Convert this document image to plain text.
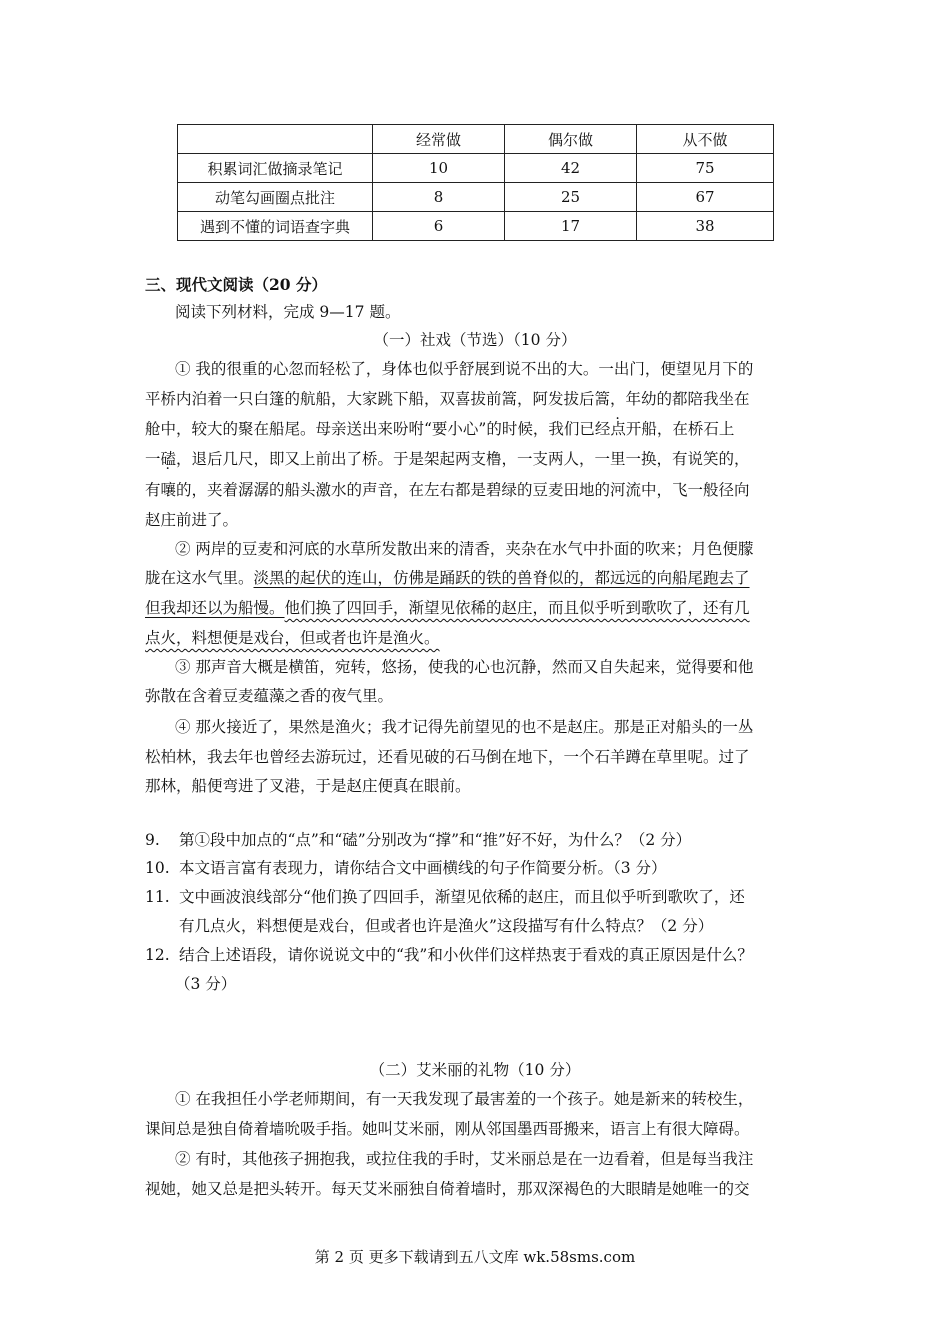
	经常做	偶尔做	从不做
积累词汇做摘录笔记	10	42	75
动笔勾画圈点批注	8	25	67
遇到不懂的词语查字典	6	17	38
三、现代文阅读（20 分）
阅读下列材料，完成 9—17 题。
（一）社戏（节选）（10 分）
① 我的很重的心忽而轻松了，身体也似乎舒展到说不出的大。一出门，便望见月下的
平桥内泊着一只白篷的航船，大家跳下船，双喜拔前篙，阿发拔后篙，年幼的都陪我坐在
舱中，较大的聚在船尾。母亲送出来吩咐“要小心”的时候，我们已经点开船，在桥石上
一磕，退后几尺，即又上前出了桥。于是架起两支橹，一支两人，一里一换，有说笑的，
有嚷的，夹着潺潺的船头激水的声音，在左右都是碧绿的豆麦田地的河流中，飞一般径向
赵庄前进了。
② 两岸的豆麦和河底的水草所发散出来的清香，夹杂在水气中扑面的吹来；月色便朦
胧在这水气里。淡黑的起伏的连山，仿佛是踊跃的铁的兽脊似的，都远远的向船尾跑去了
但我却还以为船慢。他们换了四回手，渐望见依稀的赵庄，而且似乎听到歌吹了，还有几
点火，料想便是戏台，但或者也许是渔火。
③ 那声音大概是横笛，宛转，悠扬，使我的心也沉静，然而又自失起来，觉得要和他
弥散在含着豆麦蕴藻之香的夜气里。
④ 那火接近了，果然是渔火；我才记得先前望见的也不是赵庄。那是正对船头的一丛
松柏林，我去年也曾经去游玩过，还看见破的石马倒在地下，一个石羊蹲在草里呢。过了
那林，船便弯进了叉港，于是赵庄便真在眼前。
9. 第①段中加点的“点”和“磕”分别改为“撑”和“推”好不好，为什么？（2 分）
10. 本文语言富有表现力，请你结合文中画横线的句子作简要分析。（3 分）
11. 文中画波浪线部分“他们换了四回手，渐望见依稀的赵庄，而且似乎听到歌吹了，还
有几点火，料想便是戏台，但或者也许是渔火”这段描写有什么特点？（2 分）
12. 结合上述语段，请你说说文中的“我”和小伙伴们这样热衷于看戏的真正原因是什么？
（3 分）
（二）艾米丽的礼物（10 分）
① 在我担任小学老师期间，有一天我发现了最害羞的一个孩子。她是新来的转校生，
课间总是独自倚着墙吮吸手指。她叫艾米丽，刚从邻国墨西哥搬来，语言上有很大障碍。
② 有时，其他孩子拥抱我，或拉住我的手时，艾米丽总是在一边看着，但是每当我注
视她，她又总是把头转开。每天艾米丽独自倚着墙时，那双深褐色的大眼睛是她唯一的交
第 2 页 更多下载请到五八文库 wk.58sms.com
